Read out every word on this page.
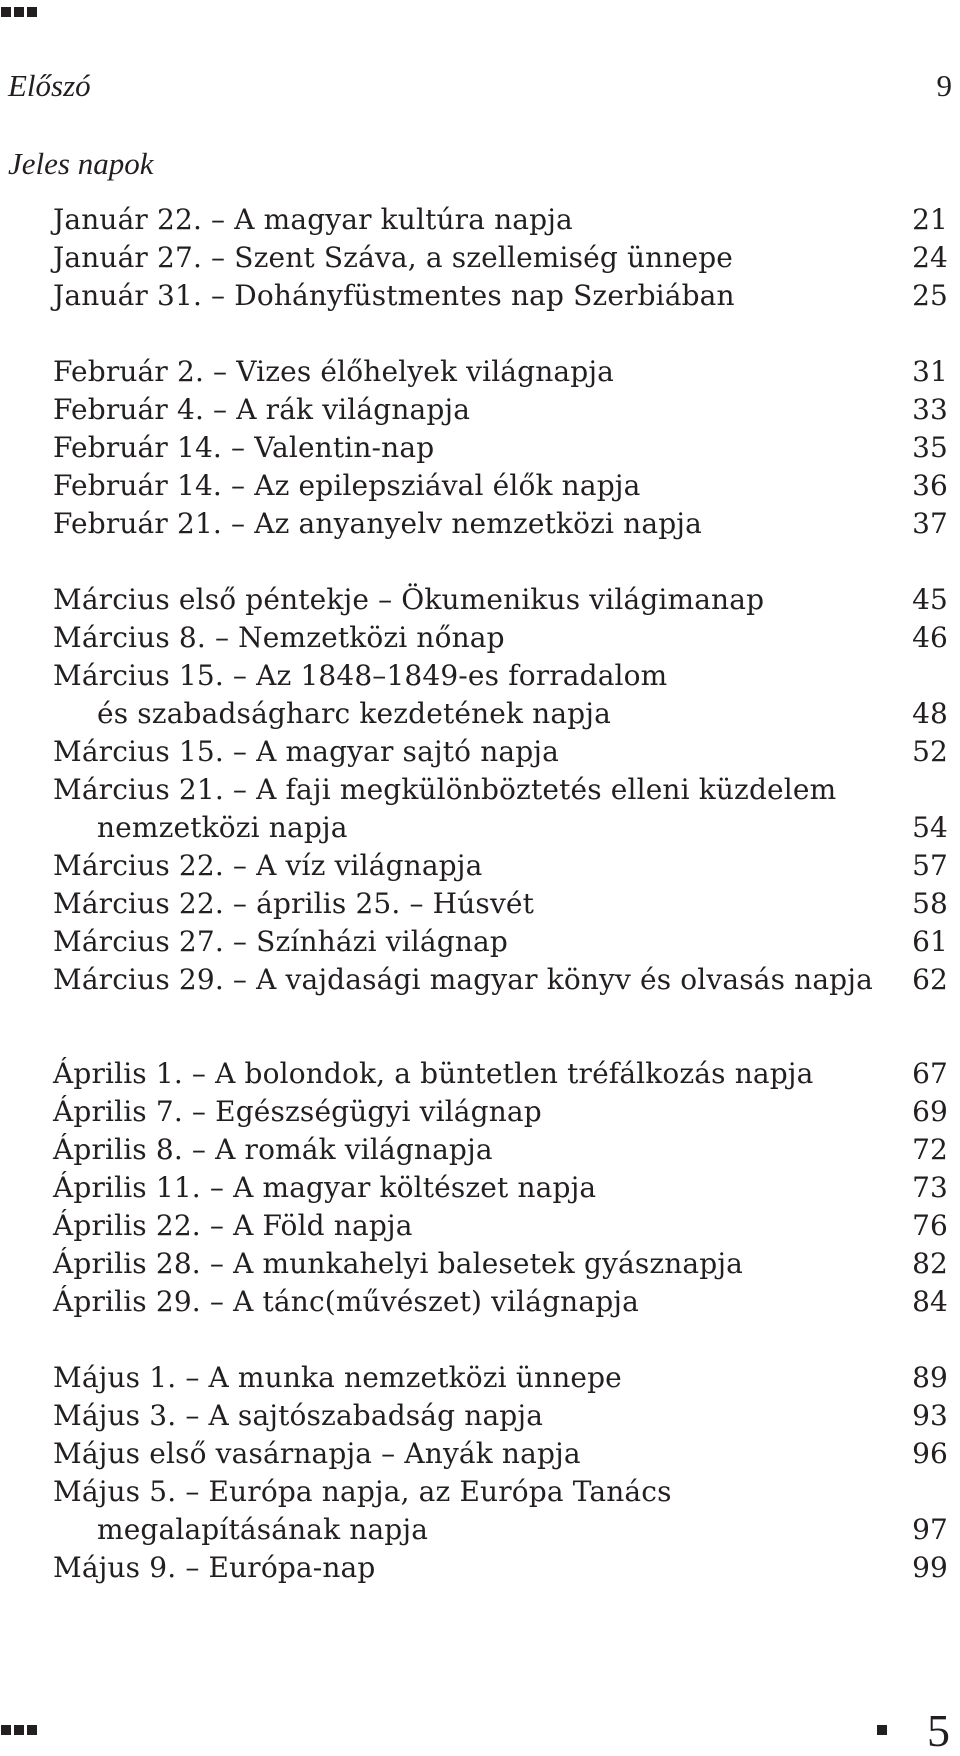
Előszó	9
Jeles napok
Január 22. – A magyar kultúra napja	21
Január 27. – Szent Száva, a szellemiség ünnepe	24
Január 31. – Dohányfüstmentes nap Szerbiában	25
Február 2. – Vizes élőhelyek világnapja	31
Február 4. – A rák világnapja	33
Február 14. – Valentin-nap	35
Február 14. – Az epilepsziával élők napja	36
Február 21. – Az anyanyelv nemzetközi napja	37
Március első péntekje – Ökumenikus világimanap	45
Március 8. – Nemzetközi nőnap	46
Március 15. – Az 1848–1849-es forradalom
és szabadságharc kezdetének napja	48
Március 15. – A magyar sajtó napja	52
Március 21. – A faji megkülönböztetés elleni küzdelem
nemzetközi napja	54
Március 22. – A víz világnapja	57
Március 22. – április 25. – Húsvét	58
Március 27. – Színházi világnap	61
Március 29. – A vajdasági magyar könyv és olvasás napja	62
Április 1. – A bolondok, a büntetlen tréfálkozás napja	67
Április 7. – Egészségügyi világnap	69
Április 8. – A romák világnapja	72
Április 11. – A magyar költészet napja	73
Április 22. – A Föld napja	76
Április 28. – A munkahelyi balesetek gyásznapja	82
Április 29. – A tánc(művészet) világnapja	84
Május 1. – A munka nemzetközi ünnepe	89
Május 3. – A sajtószabadság napja	93
Május első vasárnapja – Anyák napja	96
Május 5. – Európa napja, az Európa Tanács
megalapításának napja	97
Május 9. – Európa-nap	99
5
